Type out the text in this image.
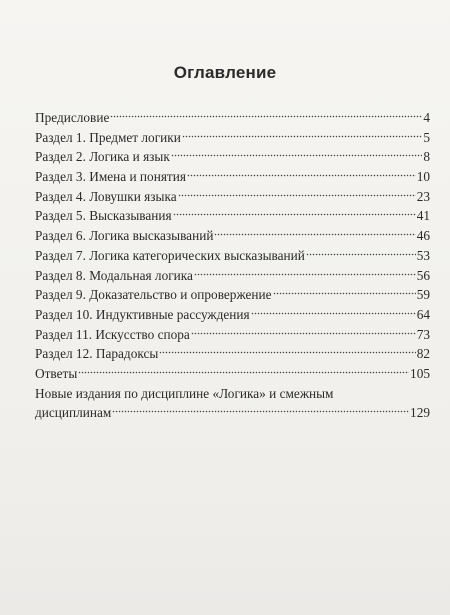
Оглавление
Предисловие	4
Раздел 1. Предмет логики	5
Раздел 2. Логика и язык	8
Раздел 3. Имена и понятия	10
Раздел 4. Ловушки языка	23
Раздел 5. Высказывания	41
Раздел 6. Логика высказываний	46
Раздел 7. Логика категорических высказываний	53
Раздел 8. Модальная логика	56
Раздел 9. Доказательство и опровержение	59
Раздел 10. Индуктивные рассуждения	64
Раздел 11. Искусство спора	73
Раздел 12. Парадоксы	82
Ответы	105
Новые издания по дисциплине «Логика» и смежным
дисциплинам	129
